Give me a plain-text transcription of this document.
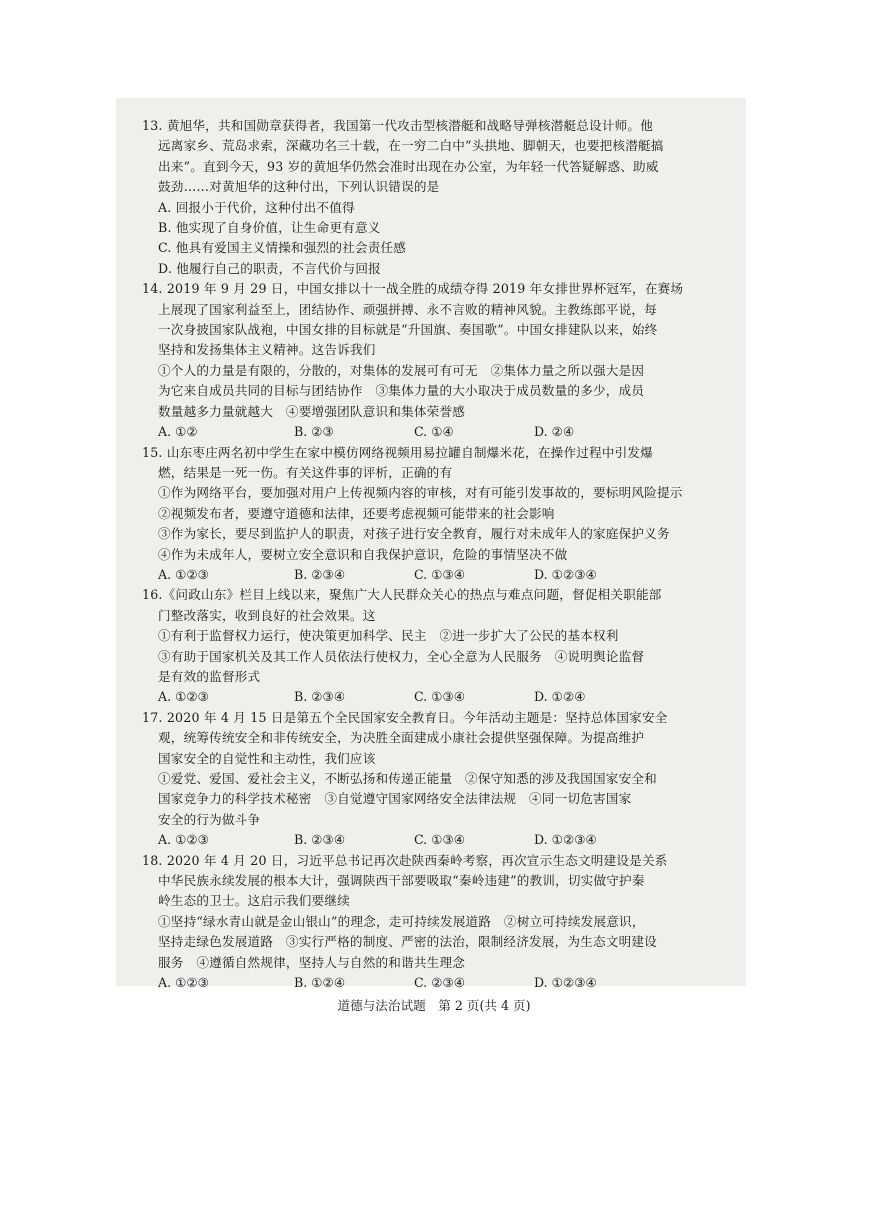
13. 黄旭华，共和国勋章获得者，我国第一代攻击型核潜艇和战略导弹核潜艇总设计师。他
远离家乡、荒岛求索，深藏功名三十载，在一穷二白中“头拱地、脚朝天，也要把核潜艇搞
出来”。直到今天，93 岁的黄旭华仍然会准时出现在办公室，为年轻一代答疑解惑、助威
鼓劲……对黄旭华的这种付出，下列认识错误的是
A. 回报小于代价，这种付出不值得
B. 他实现了自身价值，让生命更有意义
C. 他具有爱国主义情操和强烈的社会责任感
D. 他履行自己的职责，不言代价与回报
14. 2019 年 9 月 29 日，中国女排以十一战全胜的成绩夺得 2019 年女排世界杯冠军，在赛场
上展现了国家利益至上，团结协作、顽强拼搏、永不言败的精神风貌。主教练郎平说，每
一次身披国家队战袍，中国女排的目标就是“升国旗、奏国歌”。中国女排建队以来，始终
坚持和发扬集体主义精神。这告诉我们
①个人的力量是有限的，分散的，对集体的发展可有可无　②集体力量之所以强大是因
为它来自成员共同的目标与团结协作　③集体力量的大小取决于成员数量的多少，成员
数量越多力量就越大　④要增强团队意识和集体荣誉感
A. ①②	B. ②③	C. ①④	D. ②④
15. 山东枣庄两名初中学生在家中模仿网络视频用易拉罐自制爆米花，在操作过程中引发爆
燃，结果是一死一伤。有关这件事的评析，正确的有
①作为网络平台，要加强对用户上传视频内容的审核，对有可能引发事故的，要标明风险提示
②视频发布者，要遵守道德和法律，还要考虑视频可能带来的社会影响
③作为家长，要尽到监护人的职责，对孩子进行安全教育，履行对未成年人的家庭保护义务
④作为未成年人，要树立安全意识和自我保护意识，危险的事情坚决不做
A. ①②③	B. ②③④	C. ①③④	D. ①②③④
16.《问政山东》栏目上线以来，聚焦广大人民群众关心的热点与难点问题，督促相关职能部
门整改落实，收到良好的社会效果。这
①有利于监督权力运行，使决策更加科学、民主　②进一步扩大了公民的基本权利
③有助于国家机关及其工作人员依法行使权力，全心全意为人民服务　④说明舆论监督
是有效的监督形式
A. ①②③	B. ②③④	C. ①③④	D. ①②④
17. 2020 年 4 月 15 日是第五个全民国家安全教育日。今年活动主题是：坚持总体国家安全
观，统筹传统安全和非传统安全，为决胜全面建成小康社会提供坚强保障。为提高维护
国家安全的自觉性和主动性，我们应该
①爱党、爱国、爱社会主义，不断弘扬和传递正能量　②保守知悉的涉及我国国家安全和
国家竞争力的科学技术秘密　③自觉遵守国家网络安全法律法规　④同一切危害国家
安全的行为做斗争
A. ①②③	B. ②③④	C. ①③④	D. ①②③④
18. 2020 年 4 月 20 日，习近平总书记再次赴陕西秦岭考察，再次宣示生态文明建设是关系
中华民族永续发展的根本大计，强调陕西干部要吸取“秦岭违建”的教训，切实做守护秦
岭生态的卫士。这启示我们要继续
①坚持“绿水青山就是金山银山”的理念，走可持续发展道路　②树立可持续发展意识，
坚持走绿色发展道路　③实行严格的制度、严密的法治，限制经济发展，为生态文明建设
服务　④遵循自然规律，坚持人与自然的和谐共生理念
A. ①②③	B. ①②④	C. ②③④	D. ①②③④
道德与法治试题　第 2 页(共 4 页)
